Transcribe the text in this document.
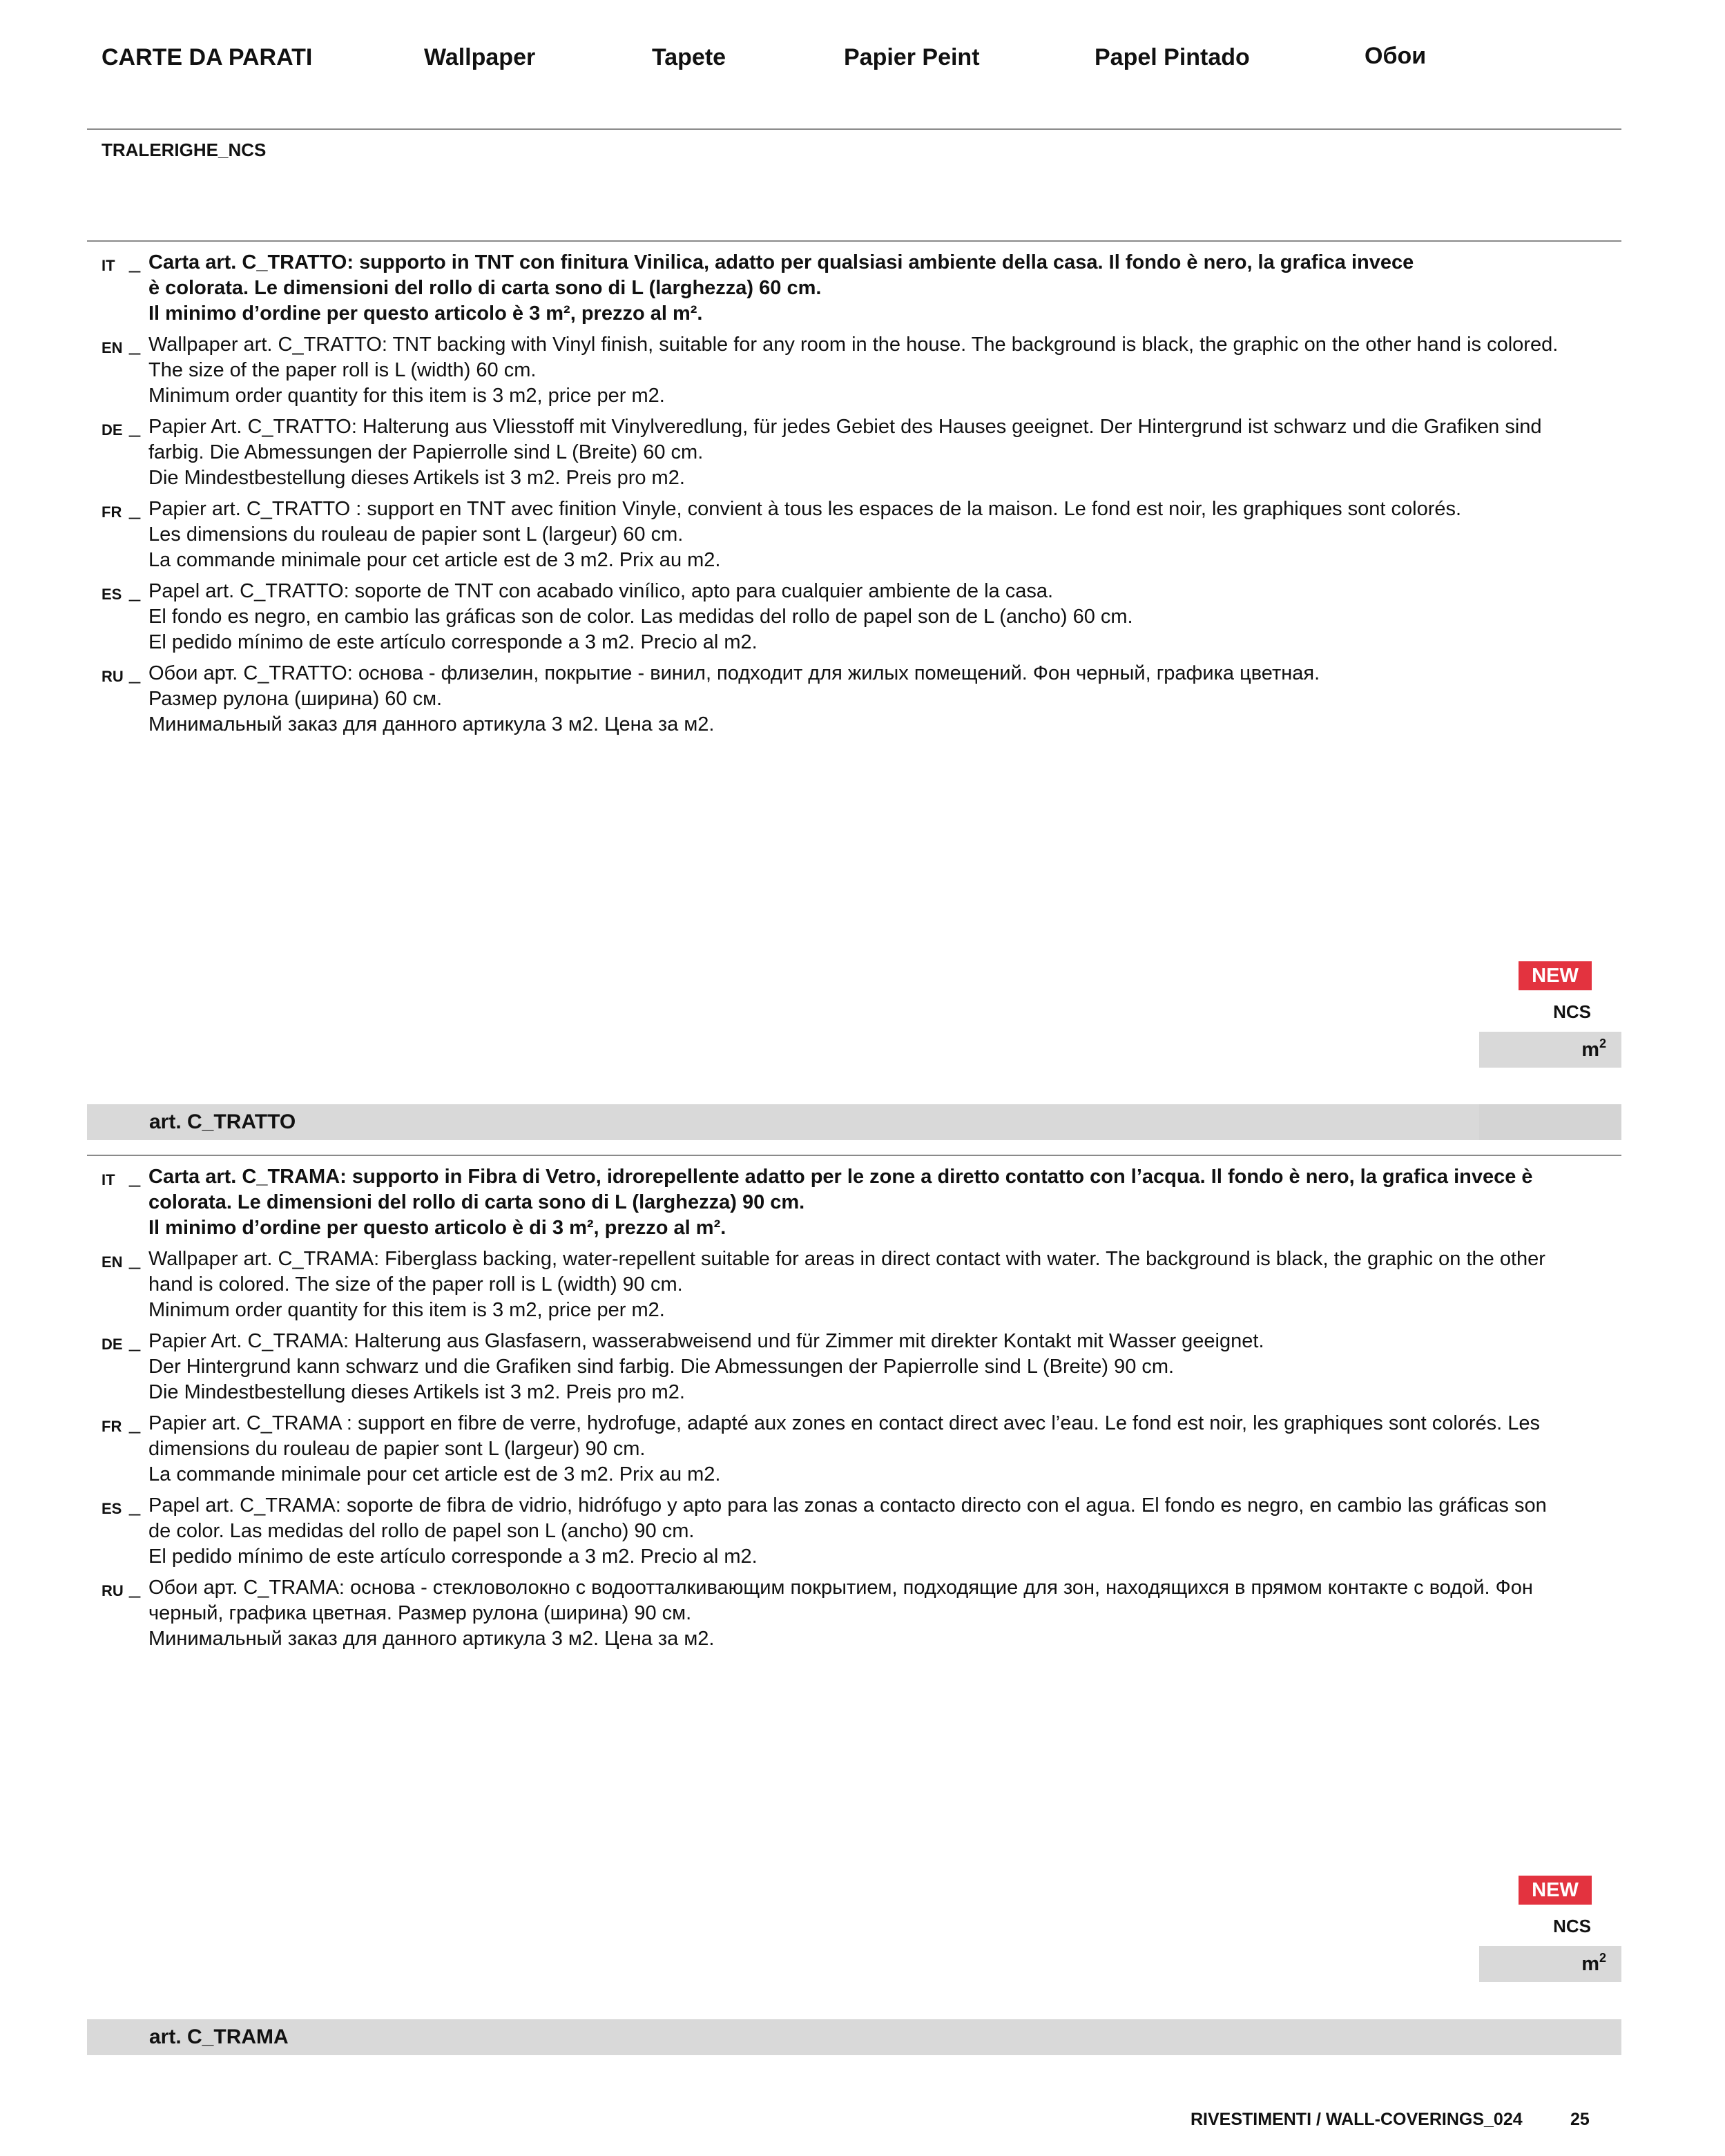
CARTE DA PARATI	Wallpaper	Tapete	Papier Peint	Papel Pintado	Обои
TRALERIGHE_NCS
IT _ Carta art. C_TRATTO: supporto in TNT con finitura Vinilica, adatto per qualsiasi ambiente della casa. Il fondo è nero, la grafica invece
è colorata. Le dimensioni del rollo di carta sono di L (larghezza) 60 cm.
Il minimo d’ordine per questo articolo è 3 m², prezzo al m².
EN _ Wallpaper art. C_TRATTO: TNT backing with Vinyl finish, suitable for any room in the house. The background is black, the graphic on the other hand is colored.
The size of the paper roll is L (width) 60 cm.
Minimum order quantity for this item is 3 m2, price per m2.
DE _ Papier Art. C_TRATTO: Halterung aus Vliesstoff mit Vinylveredlung, für jedes Gebiet des Hauses geeignet. Der Hintergrund ist schwarz und die Grafiken sind
farbig. Die Abmessungen der Papierrolle sind L (Breite) 60 cm.
Die Mindestbestellung dieses Artikels ist 3 m2. Preis pro m2.
FR _ Papier art. C_TRATTO : support en TNT avec finition Vinyle, convient à tous les espaces de la maison. Le fond est noir, les graphiques sont colorés.
Les dimensions du rouleau de papier sont L (largeur) 60 cm.
La commande minimale pour cet article est de 3 m2. Prix au m2.
ES _ Papel art. C_TRATTO: soporte de TNT con acabado vinílico, apto para cualquier ambiente de la casa.
El fondo es negro, en cambio las gráficas son de color. Las medidas del rollo de papel son de L (ancho) 60 cm.
El pedido mínimo de este artículo corresponde a 3 m2. Precio al m2.
RU _ Обои арт. C_TRATTO: основа - флизелин, покрытие - винил, подходит для жилых помещений. Фон черный, графика цветная.
Размер рулона (ширина) 60 см.
Минимальный заказ для данного артикула 3 м2. Цена за м2.
NEW
NCS
$m^2$
art. C_TRATTO
IT _ Carta art. C_TRAMA: supporto in Fibra di Vetro, idrorepellente adatto per le zone a diretto contatto con l’acqua. Il fondo è nero, la grafica invece è
colorata. Le dimensioni del rollo di carta sono di L (larghezza) 90 cm.
Il minimo d’ordine per questo articolo è di 3 m², prezzo al m².
EN _ Wallpaper art. C_TRAMA: Fiberglass backing, water-repellent suitable for areas in direct contact with water. The background is black, the graphic on the other
hand is colored. The size of the paper roll is L (width) 90 cm.
Minimum order quantity for this item is 3 m2, price per m2.
DE _ Papier Art. C_TRAMA: Halterung aus Glasfasern, wasserabweisend und für Zimmer mit direkter Kontakt mit Wasser geeignet.
Der Hintergrund kann schwarz und die Grafiken sind farbig. Die Abmessungen der Papierrolle sind L (Breite) 90 cm.
Die Mindestbestellung dieses Artikels ist 3 m2. Preis pro m2.
FR _ Papier art. C_TRAMA : support en fibre de verre, hydrofuge, adapté aux zones en contact direct avec l’eau. Le fond est noir, les graphiques sont colorés. Les
dimensions du rouleau de papier sont L (largeur) 90 cm.
La commande minimale pour cet article est de 3 m2. Prix au m2.
ES _ Papel art. C_TRAMA: soporte de fibra de vidrio, hidrófugo y apto para las zonas a contacto directo con el agua. El fondo es negro, en cambio las gráficas son
de color. Las medidas del rollo de papel son L (ancho) 90 cm.
El pedido mínimo de este artículo corresponde a 3 m2. Precio al m2.
RU _ Обои арт. C_TRAMA: основа - стекловолокно с водоотталкивающим покрытием, подходящие для зон, находящихся в прямом контакте с водой. Фон
черный, графика цветная. Размер рулона (ширина) 90 см.
Минимальный заказ для данного артикула 3 м2. Цена за м2.
NEW
NCS
$m^2$
art. C_TRAMA
RIVESTIMENTI / WALL-COVERINGS_024	25
